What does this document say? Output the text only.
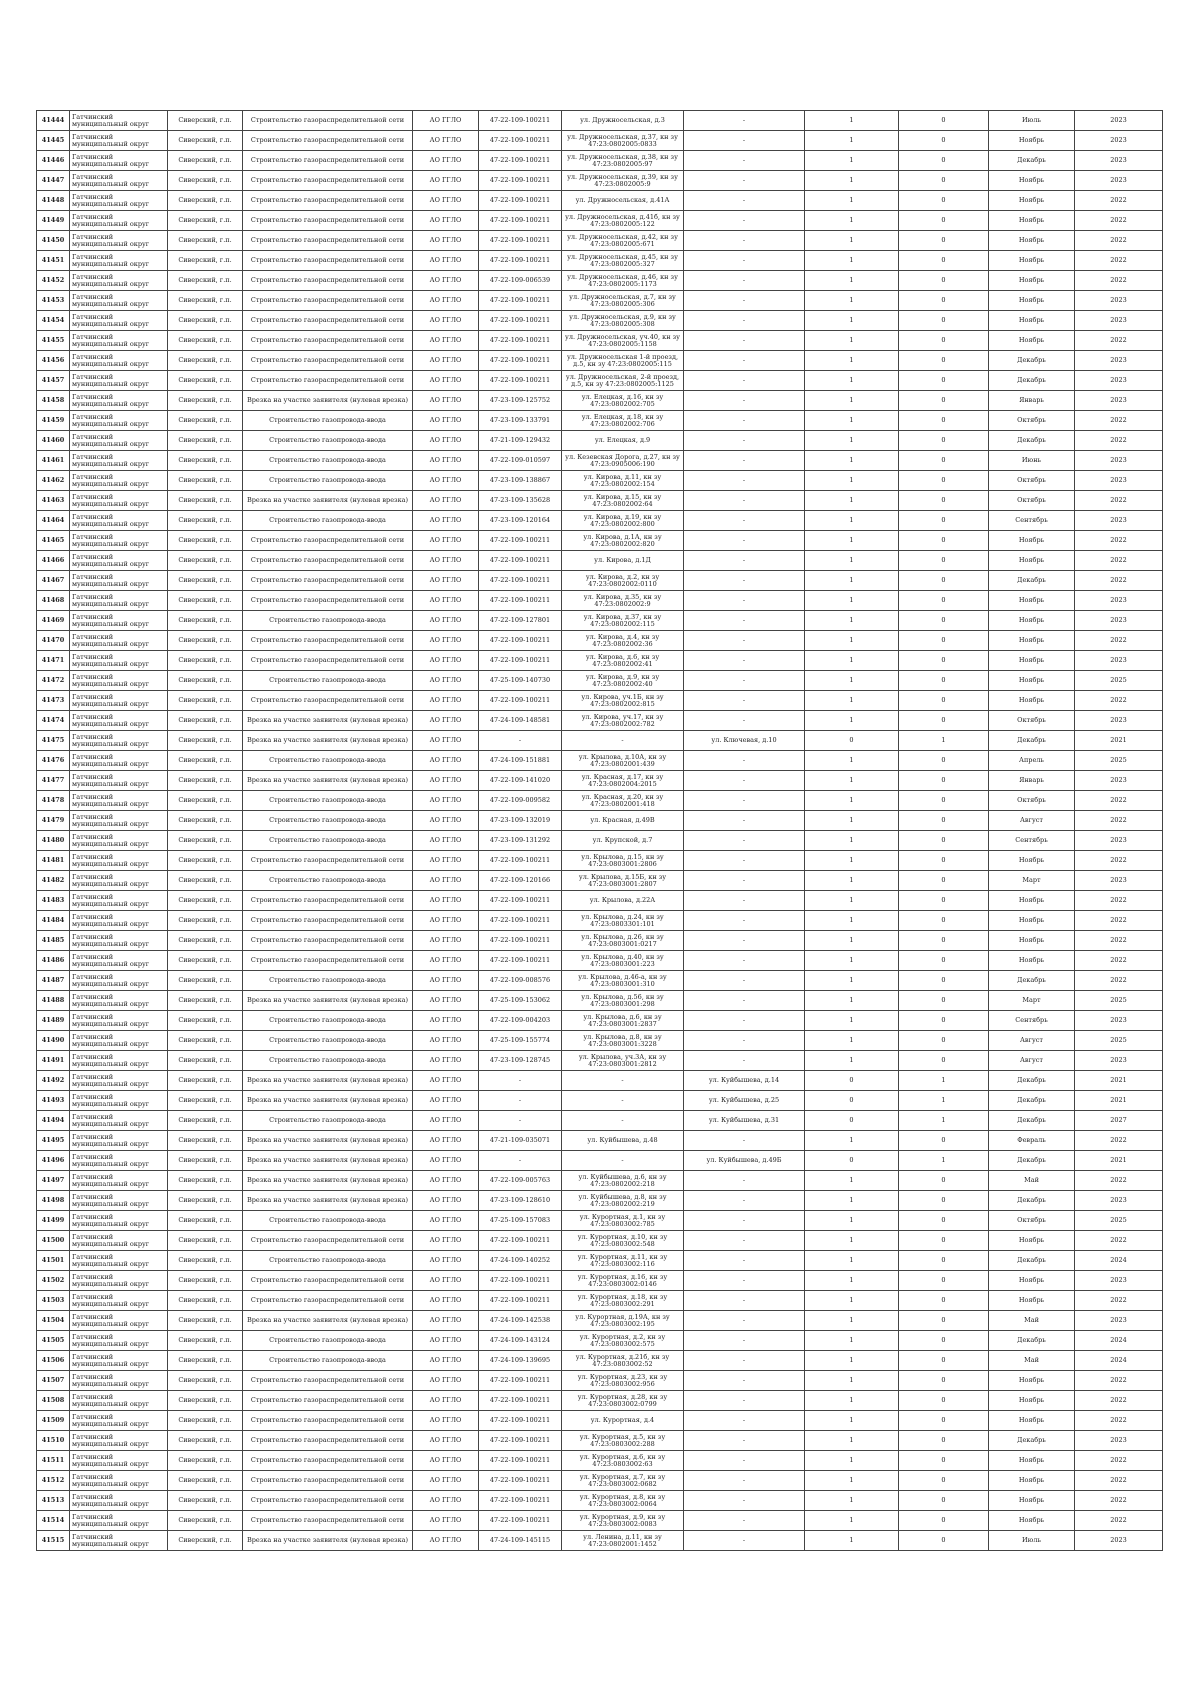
41444	Гатчинский муниципальный округ	Сиверский, г.п.	Строительство газораспределительной сети	АО ГГЛО	47-22-109-100211	ул. Дружносельская, д.3	-	1	0	Июль	2023
41445	Гатчинский муниципальный округ	Сиверский, г.п.	Строительство газораспределительной сети	АО ГГЛО	47-22-109-100211	ул. Дружносельская, д.37, кн зу 47:23:0802005:0833	-	1	0	Ноябрь	2023
41446	Гатчинский муниципальный округ	Сиверский, г.п.	Строительство газораспределительной сети	АО ГГЛО	47-22-109-100211	ул. Дружносельская, д.38, кн зу 47:23:0802005:97	-	1	0	Декабрь	2023
41447	Гатчинский муниципальный округ	Сиверский, г.п.	Строительство газораспределительной сети	АО ГГЛО	47-22-109-100211	ул. Дружносельская, д.39, кн зу 47:23:0802005:9	-	1	0	Ноябрь	2023
41448	Гатчинский муниципальный округ	Сиверский, г.п.	Строительство газораспределительной сети	АО ГГЛО	47-22-109-100211	ул. Дружносельская, д.41А	-	1	0	Ноябрь	2022
41449	Гатчинский муниципальный округ	Сиверский, г.п.	Строительство газораспределительной сети	АО ГГЛО	47-22-109-100211	ул. Дружносельская, д.41б, кн зу 47:23:0802005:122	-	1	0	Ноябрь	2022
41450	Гатчинский муниципальный округ	Сиверский, г.п.	Строительство газораспределительной сети	АО ГГЛО	47-22-109-100211	ул. Дружносельская, д.42, кн зу 47:23:0802005:671	-	1	0	Ноябрь	2022
41451	Гатчинский муниципальный округ	Сиверский, г.п.	Строительство газораспределительной сети	АО ГГЛО	47-22-109-100211	ул. Дружносельская, д.45, кн зу 47:23:0802005:327	-	1	0	Ноябрь	2022
41452	Гатчинский муниципальный округ	Сиверский, г.п.	Строительство газораспределительной сети	АО ГГЛО	47-22-109-006539	ул. Дружносельская, д.46, кн зу 47:23:0802005:1173	-	1	0	Ноябрь	2022
41453	Гатчинский муниципальный округ	Сиверский, г.п.	Строительство газораспределительной сети	АО ГГЛО	47-22-109-100211	ул. Дружносельская, д.7, кн зу 47:23:0802005:306	-	1	0	Ноябрь	2023
41454	Гатчинский муниципальный округ	Сиверский, г.п.	Строительство газораспределительной сети	АО ГГЛО	47-22-109-100211	ул. Дружносельская, д.9, кн зу 47:23:0802005:308	-	1	0	Ноябрь	2023
41455	Гатчинский муниципальный округ	Сиверский, г.п.	Строительство газораспределительной сети	АО ГГЛО	47-22-109-100211	ул. Дружносельская, уч.40, кн зу 47:23:0802005:1158	-	1	0	Ноябрь	2022
41456	Гатчинский муниципальный округ	Сиверский, г.п.	Строительство газораспределительной сети	АО ГГЛО	47-22-109-100211	ул. Дружносельская 1-й проезд, д.5, кн зу 47:23:0802005:115	-	1	0	Декабрь	2023
41457	Гатчинский муниципальный округ	Сиверский, г.п.	Строительство газораспределительной сети	АО ГГЛО	47-22-109-100211	ул. Дружносельская, 2-й проезд, д.5, кн зу 47:23:0802005:1125	-	1	0	Декабрь	2023
41458	Гатчинский муниципальный округ	Сиверский, г.п.	Врезка на участке заявителя (нулевая врезка)	АО ГГЛО	47-23-109-125752	ул. Елецкая, д.16, кн зу 47:23:0802002:705	-	1	0	Январь	2023
41459	Гатчинский муниципальный округ	Сиверский, г.п.	Строительство газопровода-ввода	АО ГГЛО	47-23-109-133791	ул. Елецкая, д.18, кн зу 47:23:0802002:706	-	1	0	Октябрь	2022
41460	Гатчинский муниципальный округ	Сиверский, г.п.	Строительство газопровода-ввода	АО ГГЛО	47-21-109-129432	ул. Елецкая, д.9	-	1	0	Декабрь	2022
41461	Гатчинский муниципальный округ	Сиверский, г.п.	Строительство газопровода-ввода	АО ГГЛО	47-22-109-010597	ул. Кезевская Дорога, д.27, кн зу 47:23:0905006:190	-	1	0	Июнь	2023
41462	Гатчинский муниципальный округ	Сиверский, г.п.	Строительство газопровода-ввода	АО ГГЛО	47-23-109-138867	ул. Кирова, д.11, кн зу 47:23:0802002:154	-	1	0	Октябрь	2023
41463	Гатчинский муниципальный округ	Сиверский, г.п.	Врезка на участке заявителя (нулевая врезка)	АО ГГЛО	47-23-109-135628	ул. Кирова, д.15, кн зу 47:23:0802002:64	-	1	0	Октябрь	2022
41464	Гатчинский муниципальный округ	Сиверский, г.п.	Строительство газопровода-ввода	АО ГГЛО	47-23-109-120164	ул. Кирова, д.19, кн зу 47:23:0802002:800	-	1	0	Сентябрь	2023
41465	Гатчинский муниципальный округ	Сиверский, г.п.	Строительство газораспределительной сети	АО ГГЛО	47-22-109-100211	ул. Кирова, д.1А, кн зу 47:23:0802002:820	-	1	0	Ноябрь	2022
41466	Гатчинский муниципальный округ	Сиверский, г.п.	Строительство газораспределительной сети	АО ГГЛО	47-22-109-100211	ул. Кирова, д.1Д	-	1	0	Ноябрь	2022
41467	Гатчинский муниципальный округ	Сиверский, г.п.	Строительство газораспределительной сети	АО ГГЛО	47-22-109-100211	ул. Кирова, д.2, кн зу 47:23:0802002:0110	-	1	0	Декабрь	2022
41468	Гатчинский муниципальный округ	Сиверский, г.п.	Строительство газораспределительной сети	АО ГГЛО	47-22-109-100211	ул. Кирова, д.35, кн зу 47:23:0802002:9	-	1	0	Ноябрь	2023
41469	Гатчинский муниципальный округ	Сиверский, г.п.	Строительство газопровода-ввода	АО ГГЛО	47-22-109-127801	ул. Кирова, д.37, кн зу 47:23:0802002:115	-	1	0	Ноябрь	2023
41470	Гатчинский муниципальный округ	Сиверский, г.п.	Строительство газораспределительной сети	АО ГГЛО	47-22-109-100211	ул. Кирова, д.4, кн зу 47:23:0802002:36	-	1	0	Ноябрь	2022
41471	Гатчинский муниципальный округ	Сиверский, г.п.	Строительство газораспределительной сети	АО ГГЛО	47-22-109-100211	ул. Кирова, д.6, кн зу 47:23:0802002:41	-	1	0	Ноябрь	2023
41472	Гатчинский муниципальный округ	Сиверский, г.п.	Строительство газопровода-ввода	АО ГГЛО	47-25-109-140730	ул. Кирова, д.9, кн зу 47:23:0802002:40	-	1	0	Ноябрь	2025
41473	Гатчинский муниципальный округ	Сиверский, г.п.	Строительство газораспределительной сети	АО ГГЛО	47-22-109-100211	ул. Кирова, уч.1Б, кн зу 47:23:0802002:815	-	1	0	Ноябрь	2022
41474	Гатчинский муниципальный округ	Сиверский, г.п.	Врезка на участке заявителя (нулевая врезка)	АО ГГЛО	47-24-109-148581	ул. Кирова, уч.17, кн зу 47:23:0802002:782	-	1	0	Октябрь	2023
41475	Гатчинский муниципальный округ	Сиверский, г.п.	Врезка на участке заявителя (нулевая врезка)	АО ГГЛО	-	-	ул. Ключевая, д.10	0	1	Декабрь	2021
41476	Гатчинский муниципальный округ	Сиверский, г.п.	Строительство газопровода-ввода	АО ГГЛО	47-24-109-151881	ул. Крылова, д.10А, кн зу 47:23:0802001:439	-	1	0	Апрель	2025
41477	Гатчинский муниципальный округ	Сиверский, г.п.	Врезка на участке заявителя (нулевая врезка)	АО ГГЛО	47-22-109-141020	ул. Красная, д.17, кн зу 47:23:0802004:2015	-	1	0	Январь	2023
41478	Гатчинский муниципальный округ	Сиверский, г.п.	Строительство газопровода-ввода	АО ГГЛО	47-22-109-009582	ул. Красная, д.20, кн зу 47:23:0802001:418	-	1	0	Октябрь	2022
41479	Гатчинский муниципальный округ	Сиверский, г.п.	Строительство газопровода-ввода	АО ГГЛО	47-23-109-132019	ул. Красная, д.49В	-	1	0	Август	2022
41480	Гатчинский муниципальный округ	Сиверский, г.п.	Строительство газопровода-ввода	АО ГГЛО	47-23-109-131292	ул. Крупской, д.7	-	1	0	Сентябрь	2023
41481	Гатчинский муниципальный округ	Сиверский, г.п.	Строительство газораспределительной сети	АО ГГЛО	47-22-109-100211	ул. Крылова, д.15, кн зу 47:23:0803001:2806	-	1	0	Ноябрь	2022
41482	Гатчинский муниципальный округ	Сиверский, г.п.	Строительство газопровода-ввода	АО ГГЛО	47-22-109-120166	ул. Крылова, д.15Б, кн зу 47:23:0803001:2807	-	1	0	Март	2023
41483	Гатчинский муниципальный округ	Сиверский, г.п.	Строительство газораспределительной сети	АО ГГЛО	47-22-109-100211	ул. Крылова, д.22А	-	1	0	Ноябрь	2022
41484	Гатчинский муниципальный округ	Сиверский, г.п.	Строительство газораспределительной сети	АО ГГЛО	47-22-109-100211	ул. Крылова, д.24, кн зу 47:23:0803301:101	-	1	0	Ноябрь	2022
41485	Гатчинский муниципальный округ	Сиверский, г.п.	Строительство газораспределительной сети	АО ГГЛО	47-22-109-100211	ул. Крылова, д.26, кн зу 47:23:0803001:0217	-	1	0	Ноябрь	2022
41486	Гатчинский муниципальный округ	Сиверский, г.п.	Строительство газораспределительной сети	АО ГГЛО	47-22-109-100211	ул. Крылова, д.40, кн зу 47:23:0803001:223	-	1	0	Ноябрь	2022
41487	Гатчинский муниципальный округ	Сиверский, г.п.	Строительство газопровода-ввода	АО ГГЛО	47-22-109-008576	ул. Крылова, д.46-а, кн зу 47:23:0803001:310	-	1	0	Декабрь	2022
41488	Гатчинский муниципальный округ	Сиверский, г.п.	Врезка на участке заявителя (нулевая врезка)	АО ГГЛО	47-25-109-153062	ул. Крылова, д.56, кн зу 47:23:0803001:298	-	1	0	Март	2025
41489	Гатчинский муниципальный округ	Сиверский, г.п.	Строительство газопровода-ввода	АО ГГЛО	47-22-109-004203	ул. Крылова, д.6, кн зу 47:23:0803001:2837	-	1	0	Сентябрь	2023
41490	Гатчинский муниципальный округ	Сиверский, г.п.	Строительство газопровода-ввода	АО ГГЛО	47-25-109-155774	ул. Крылова, д.8, кн зу 47:23:0803001:3228	-	1	0	Август	2025
41491	Гатчинский муниципальный округ	Сиверский, г.п.	Строительство газопровода-ввода	АО ГГЛО	47-23-109-128745	ул. Крылова, уч.3А, кн зу 47:23:0803001:2812	-	1	0	Август	2023
41492	Гатчинский муниципальный округ	Сиверский, г.п.	Врезка на участке заявителя (нулевая врезка)	АО ГГЛО	-	-	ул. Куйбышева, д.14	0	1	Декабрь	2021
41493	Гатчинский муниципальный округ	Сиверский, г.п.	Врезка на участке заявителя (нулевая врезка)	АО ГГЛО	-	-	ул. Куйбышева, д.25	0	1	Декабрь	2021
41494	Гатчинский муниципальный округ	Сиверский, г.п.	Строительство газопровода-ввода	АО ГГЛО	-	-	ул. Куйбышева, д.31	0	1	Декабрь	2027
41495	Гатчинский муниципальный округ	Сиверский, г.п.	Врезка на участке заявителя (нулевая врезка)	АО ГГЛО	47-21-109-035071	ул. Куйбышева, д.48	-	1	0	Февраль	2022
41496	Гатчинский муниципальный округ	Сиверский, г.п.	Врезка на участке заявителя (нулевая врезка)	АО ГГЛО	-	-	ул. Куйбышева, д.49Б	0	1	Декабрь	2021
41497	Гатчинский муниципальный округ	Сиверский, г.п.	Врезка на участке заявителя (нулевая врезка)	АО ГГЛО	47-22-109-005763	ул. Куйбышева, д.6, кн зу 47:23:0802002:218	-	1	0	Май	2022
41498	Гатчинский муниципальный округ	Сиверский, г.п.	Врезка на участке заявителя (нулевая врезка)	АО ГГЛО	47-23-109-128610	ул. Куйбышева, д.8, кн зу 47:23:0802002:219	-	1	0	Декабрь	2023
41499	Гатчинский муниципальный округ	Сиверский, г.п.	Строительство газопровода-ввода	АО ГГЛО	47-25-109-157083	ул. Курортная, д.1, кн зу 47:23:0803002:785	-	1	0	Октябрь	2025
41500	Гатчинский муниципальный округ	Сиверский, г.п.	Строительство газораспределительной сети	АО ГГЛО	47-22-109-100211	ул. Курортная, д.10, кн зу 47:23:0803002:548	-	1	0	Ноябрь	2022
41501	Гатчинский муниципальный округ	Сиверский, г.п.	Строительство газопровода-ввода	АО ГГЛО	47-24-109-140252	ул. Курортная, д.11, кн зу 47:23:0803002:116	-	1	0	Декабрь	2024
41502	Гатчинский муниципальный округ	Сиверский, г.п.	Строительство газораспределительной сети	АО ГГЛО	47-22-109-100211	ул. Курортная, д.16, кн зу 47:23:0803002:0146	-	1	0	Ноябрь	2023
41503	Гатчинский муниципальный округ	Сиверский, г.п.	Строительство газораспределительной сети	АО ГГЛО	47-22-109-100211	ул. Курортная, д.18, кн зу 47:23:0803002:291	-	1	0	Ноябрь	2022
41504	Гатчинский муниципальный округ	Сиверский, г.п.	Врезка на участке заявителя (нулевая врезка)	АО ГГЛО	47-24-109-142538	ул. Курортная, д.19А, кн зу 47:23:0803002:195	-	1	0	Май	2023
41505	Гатчинский муниципальный округ	Сиверский, г.п.	Строительство газопровода-ввода	АО ГГЛО	47-24-109-143124	ул. Курортная, д.2, кн зу 47:23:0803002:575	-	1	0	Декабрь	2024
41506	Гатчинский муниципальный округ	Сиверский, г.п.	Строительство газопровода-ввода	АО ГГЛО	47-24-109-139695	ул. Курортная, д.21б, кн зу 47:23:0803002:52	-	1	0	Май	2024
41507	Гатчинский муниципальный округ	Сиверский, г.п.	Строительство газораспределительной сети	АО ГГЛО	47-22-109-100211	ул. Курортная, д.23, кн зу 47:23:0803002:956	-	1	0	Ноябрь	2022
41508	Гатчинский муниципальный округ	Сиверский, г.п.	Строительство газораспределительной сети	АО ГГЛО	47-22-109-100211	ул. Курортная, д.28, кн зу 47:23:0803002:0799	-	1	0	Ноябрь	2022
41509	Гатчинский муниципальный округ	Сиверский, г.п.	Строительство газораспределительной сети	АО ГГЛО	47-22-109-100211	ул. Курортная, д.4	-	1	0	Ноябрь	2022
41510	Гатчинский муниципальный округ	Сиверский, г.п.	Строительство газораспределительной сети	АО ГГЛО	47-22-109-100211	ул. Курортная, д.5, кн зу 47:23:0803002:288	-	1	0	Декабрь	2023
41511	Гатчинский муниципальный округ	Сиверский, г.п.	Строительство газораспределительной сети	АО ГГЛО	47-22-109-100211	ул. Курортная, д.6, кн зу 47:23:0803002:63	-	1	0	Ноябрь	2022
41512	Гатчинский муниципальный округ	Сиверский, г.п.	Строительство газораспределительной сети	АО ГГЛО	47-22-109-100211	ул. Курортная, д.7, кн зу 47:23:0803002:0682	-	1	0	Ноябрь	2022
41513	Гатчинский муниципальный округ	Сиверский, г.п.	Строительство газораспределительной сети	АО ГГЛО	47-22-109-100211	ул. Курортная, д.8, кн зу 47:23:0803002:0064	-	1	0	Ноябрь	2022
41514	Гатчинский муниципальный округ	Сиверский, г.п.	Строительство газораспределительной сети	АО ГГЛО	47-22-109-100211	ул. Курортная, д.9, кн зу 47:23:0803002:0083	-	1	0	Ноябрь	2022
41515	Гатчинский муниципальный округ	Сиверский, г.п.	Врезка на участке заявителя (нулевая врезка)	АО ГГЛО	47-24-109-145115	ул. Ленина, д.11, кн зу 47:23:0802001:1452	-	1	0	Июль	2023
